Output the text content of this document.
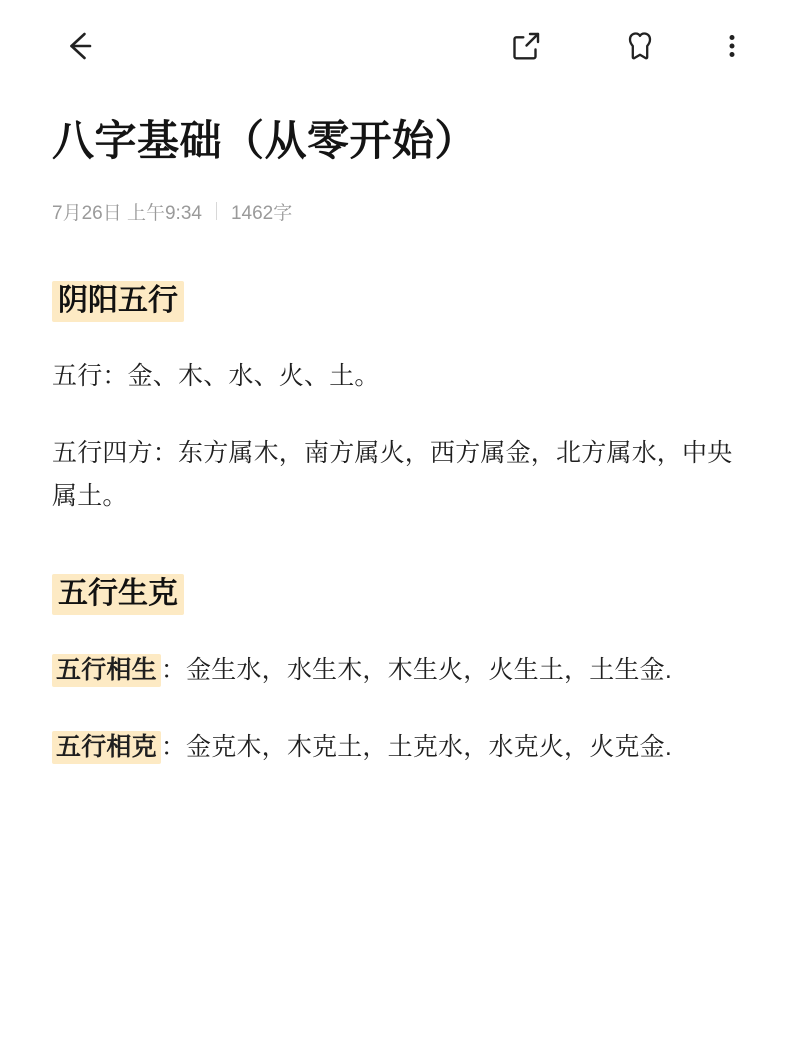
八字基础（从零开始）
7月26日 上午9:34 1462字
阴阳五行

五行：金、木、水、火、土。

五行四方：东方属木，南方属火，西方属金，北方属水，中央属土。

五行生克

五行相生 ：金生水，水生木，木生火，火生土，土生金.

五行相克 ：金克木，木克土，土克水，水克火，火克金.
